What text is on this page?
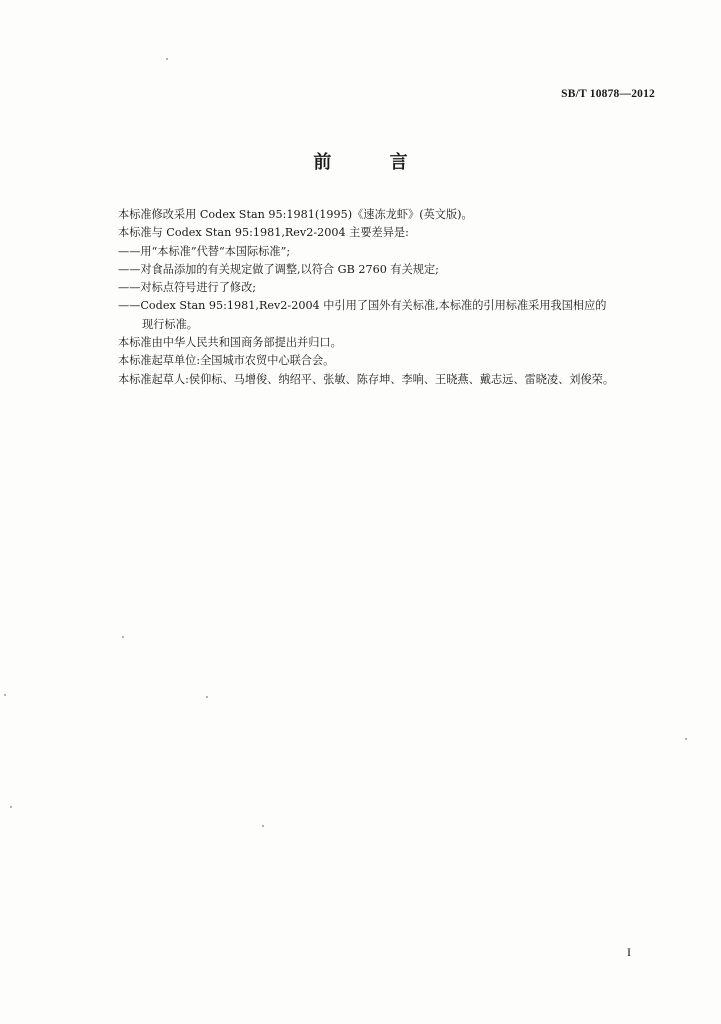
SB/T 10878—2012
前 言
本标准修改采用 Codex Stan 95:1981(1995)《速冻龙虾》(英文版)。
本标准与 Codex Stan 95:1981,Rev2-2004 主要差异是:
——用“本标准”代替“本国际标准”;
——对食品添加的有关规定做了调整,以符合 GB 2760 有关规定;
——对标点符号进行了修改;
——Codex Stan 95:1981,Rev2-2004 中引用了国外有关标准,本标准的引用标准采用我国相应的
现行标准。
本标准由中华人民共和国商务部提出并归口。
本标准起草单位:全国城市农贸中心联合会。
本标准起草人:侯仰标、马增俊、纳绍平、张敏、陈存坤、李响、王晓燕、戴志远、雷晓凌、刘俊荣。
I
